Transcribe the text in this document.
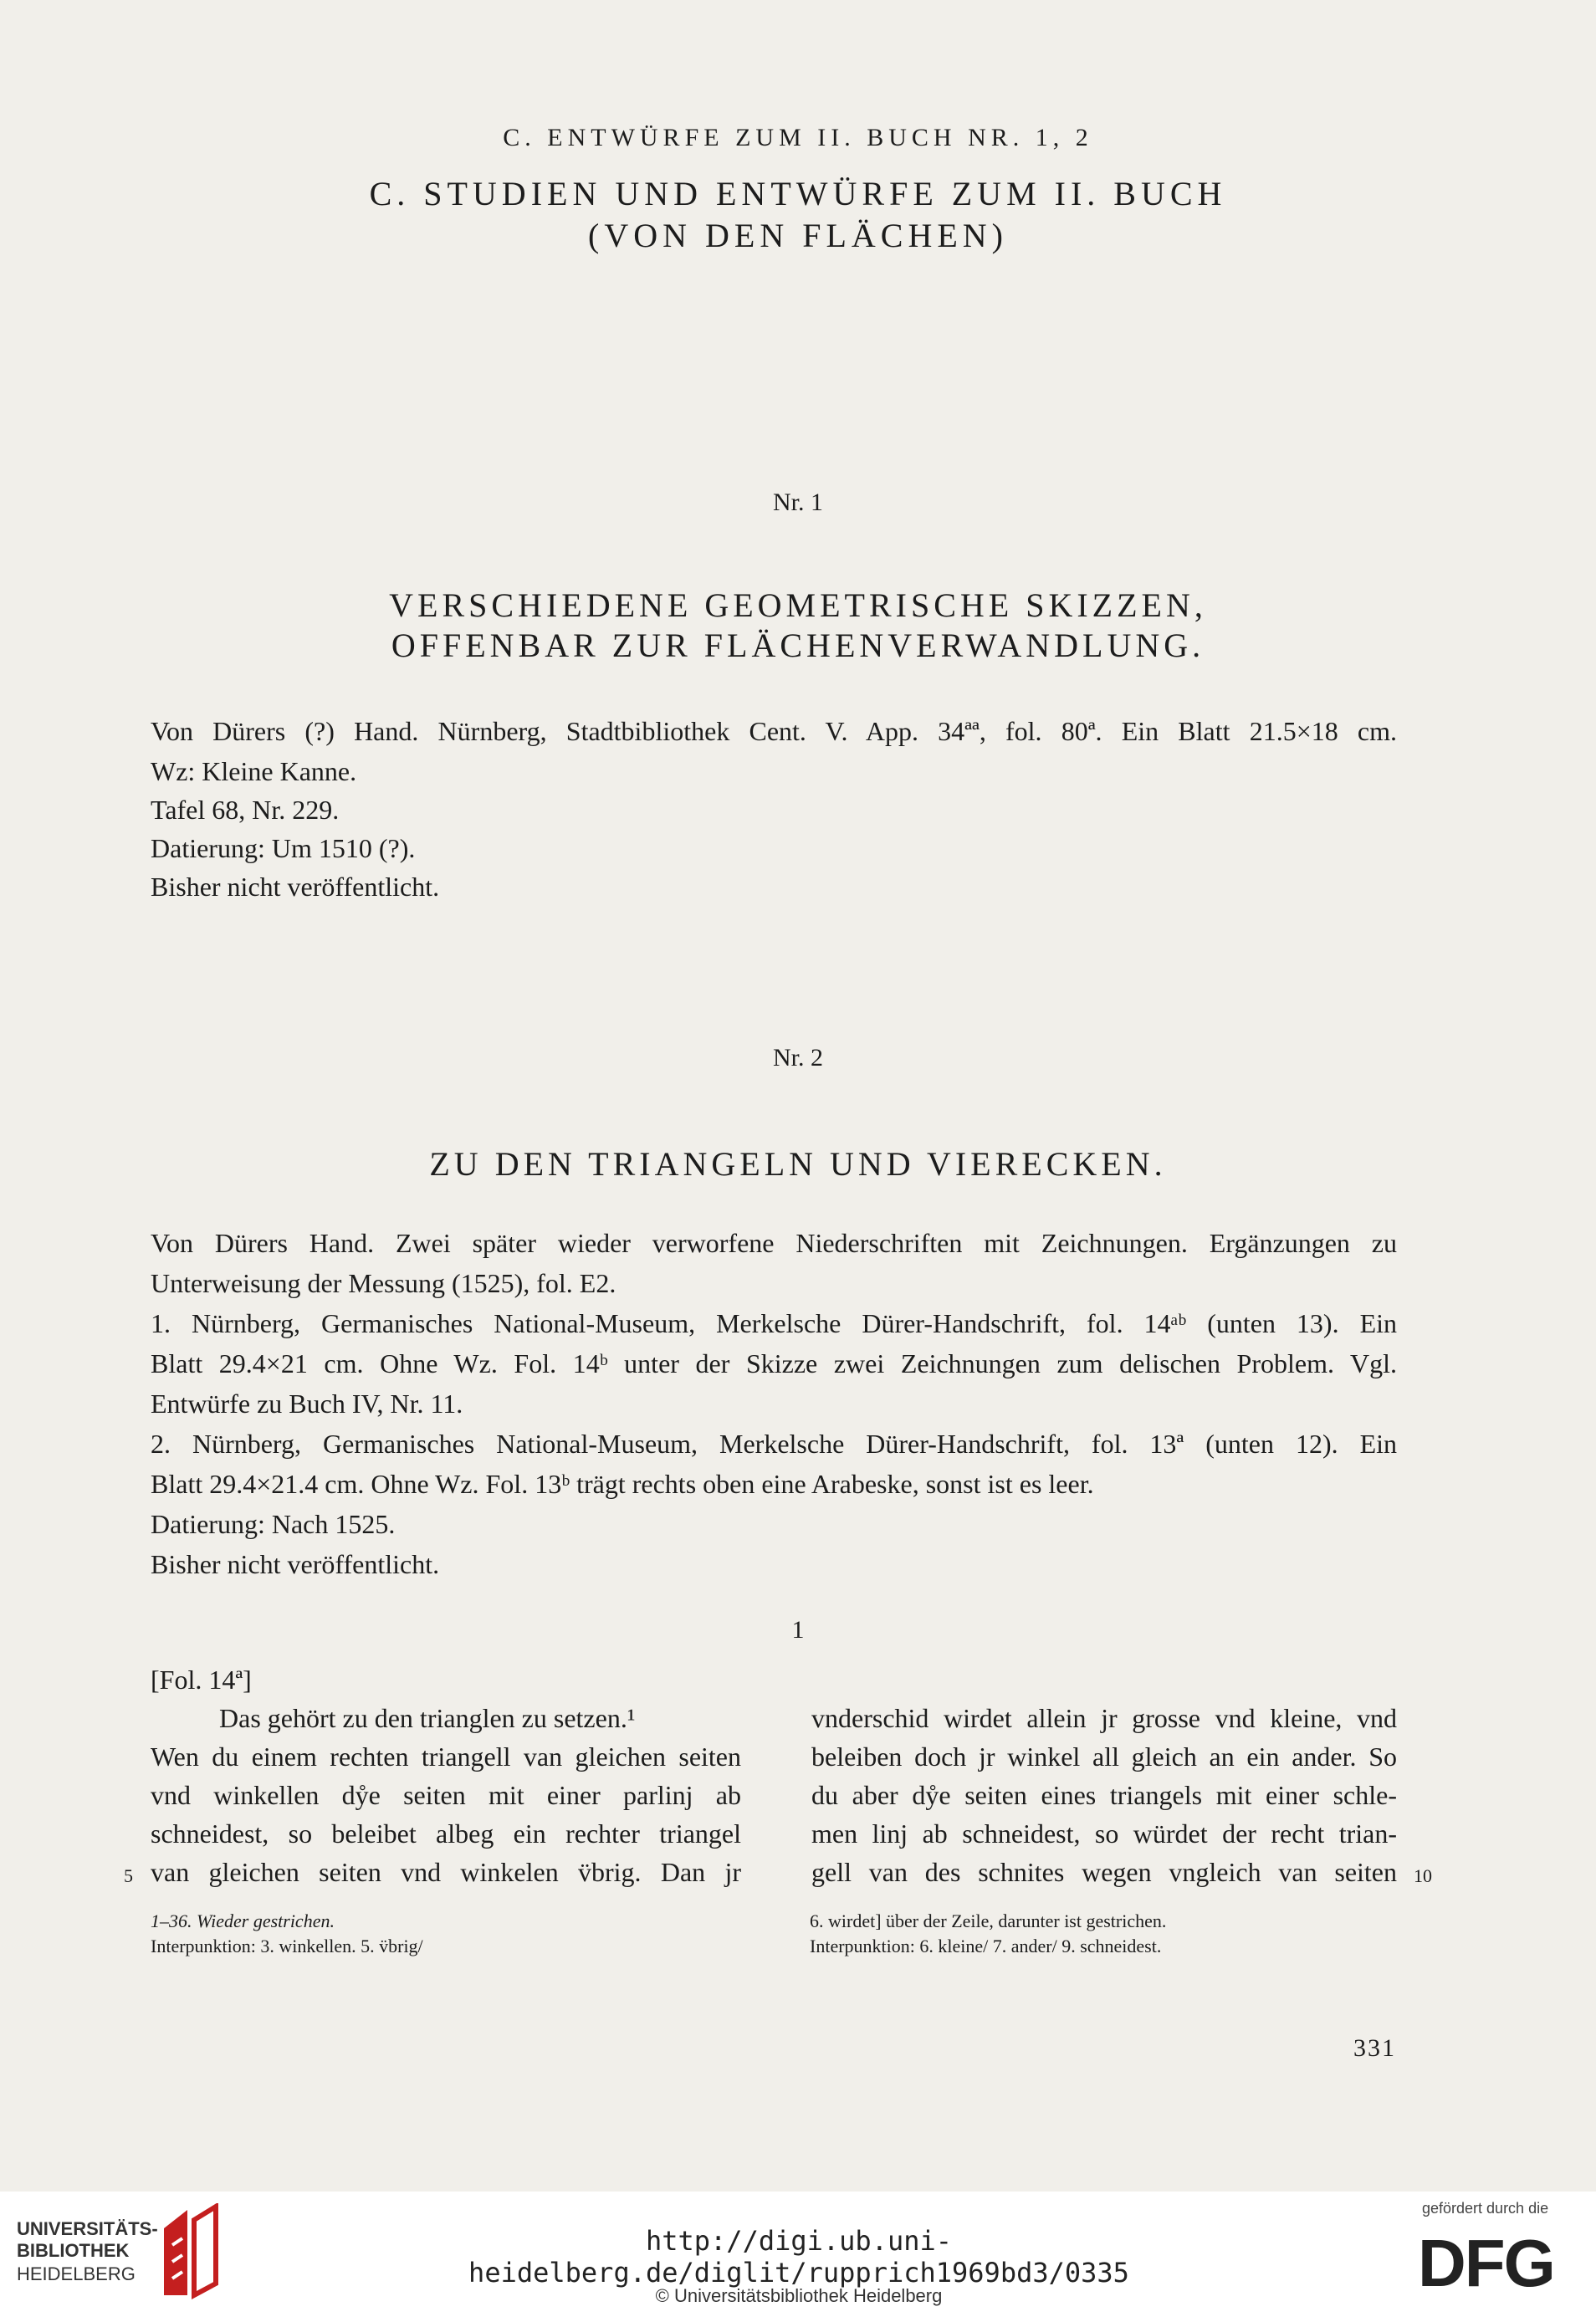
C. ENTWÜRFE ZUM II. BUCH NR. 1, 2
C. STUDIEN UND ENTWÜRFE ZUM II. BUCH
(VON DEN FLÄCHEN)
Nr. 1
VERSCHIEDENE GEOMETRISCHE SKIZZEN,
OFFENBAR ZUR FLÄCHENVERWANDLUNG.
Von Dürers (?) Hand. Nürnberg, Stadtbibliothek Cent. V. App. 34ªª, fol. 80ª. Ein Blatt 21.5×18 cm.
Wz: Kleine Kanne.
Tafel 68, Nr. 229.
Datierung: Um 1510 (?).
Bisher nicht veröffentlicht.
Nr. 2
ZU DEN TRIANGELN UND VIERECKEN.
Von Dürers Hand. Zwei später wieder verworfene Niederschriften mit Zeichnungen. Ergänzungen zu
Unterweisung der Messung (1525), fol. E2.
1. Nürnberg, Germanisches National-Museum, Merkelsche Dürer-Handschrift, fol. 14ᵃᵇ (unten 13). Ein
Blatt 29.4×21 cm. Ohne Wz. Fol. 14ᵇ unter der Skizze zwei Zeichnungen zum delischen Problem. Vgl.
Entwürfe zu Buch IV, Nr. 11.
2. Nürnberg, Germanisches National-Museum, Merkelsche Dürer-Handschrift, fol. 13ª (unten 12). Ein
Blatt 29.4×21.4 cm. Ohne Wz. Fol. 13ᵇ trägt rechts oben eine Arabeske, sonst ist es leer.
Datierung: Nach 1525.
Bisher nicht veröffentlicht.
1
[Fol. 14ª]
Das gehört zu den trianglen zu setzen.¹
Wen du einem rechten triangell van gleichen seiten
vnd winkellen dẙe seiten mit einer parlinj ab
schneidest, so beleibet albeg ein rechter triangel
van gleichen seiten vnd winkelen v̈brig. Dan jr
5
vnderschid wirdet allein jr grosse vnd kleine, vnd
beleiben doch jr winkel all gleich an ein ander. So
du aber dẙe seiten eines triangels mit einer schle-
men linj ab schneidest, so würdet der recht trian-
gell van des schnites wegen vngleich van seiten 10
1–36. Wieder gestrichen.
Interpunktion: 3. winkellen. 5. v̈brig/
6. wirdet] über der Zeile, darunter ist gestrichen.
Interpunktion: 6. kleine/ 7. ander/ 9. schneidest.
331
UNIVERSITÄTS-
BIBLIOTHEK
HEIDELBERG
http://digi.ub.uni-heidelberg.de/diglit/rupprich1969bd3/0335
© Universitätsbibliothek Heidelberg
gefördert durch die
DFG
